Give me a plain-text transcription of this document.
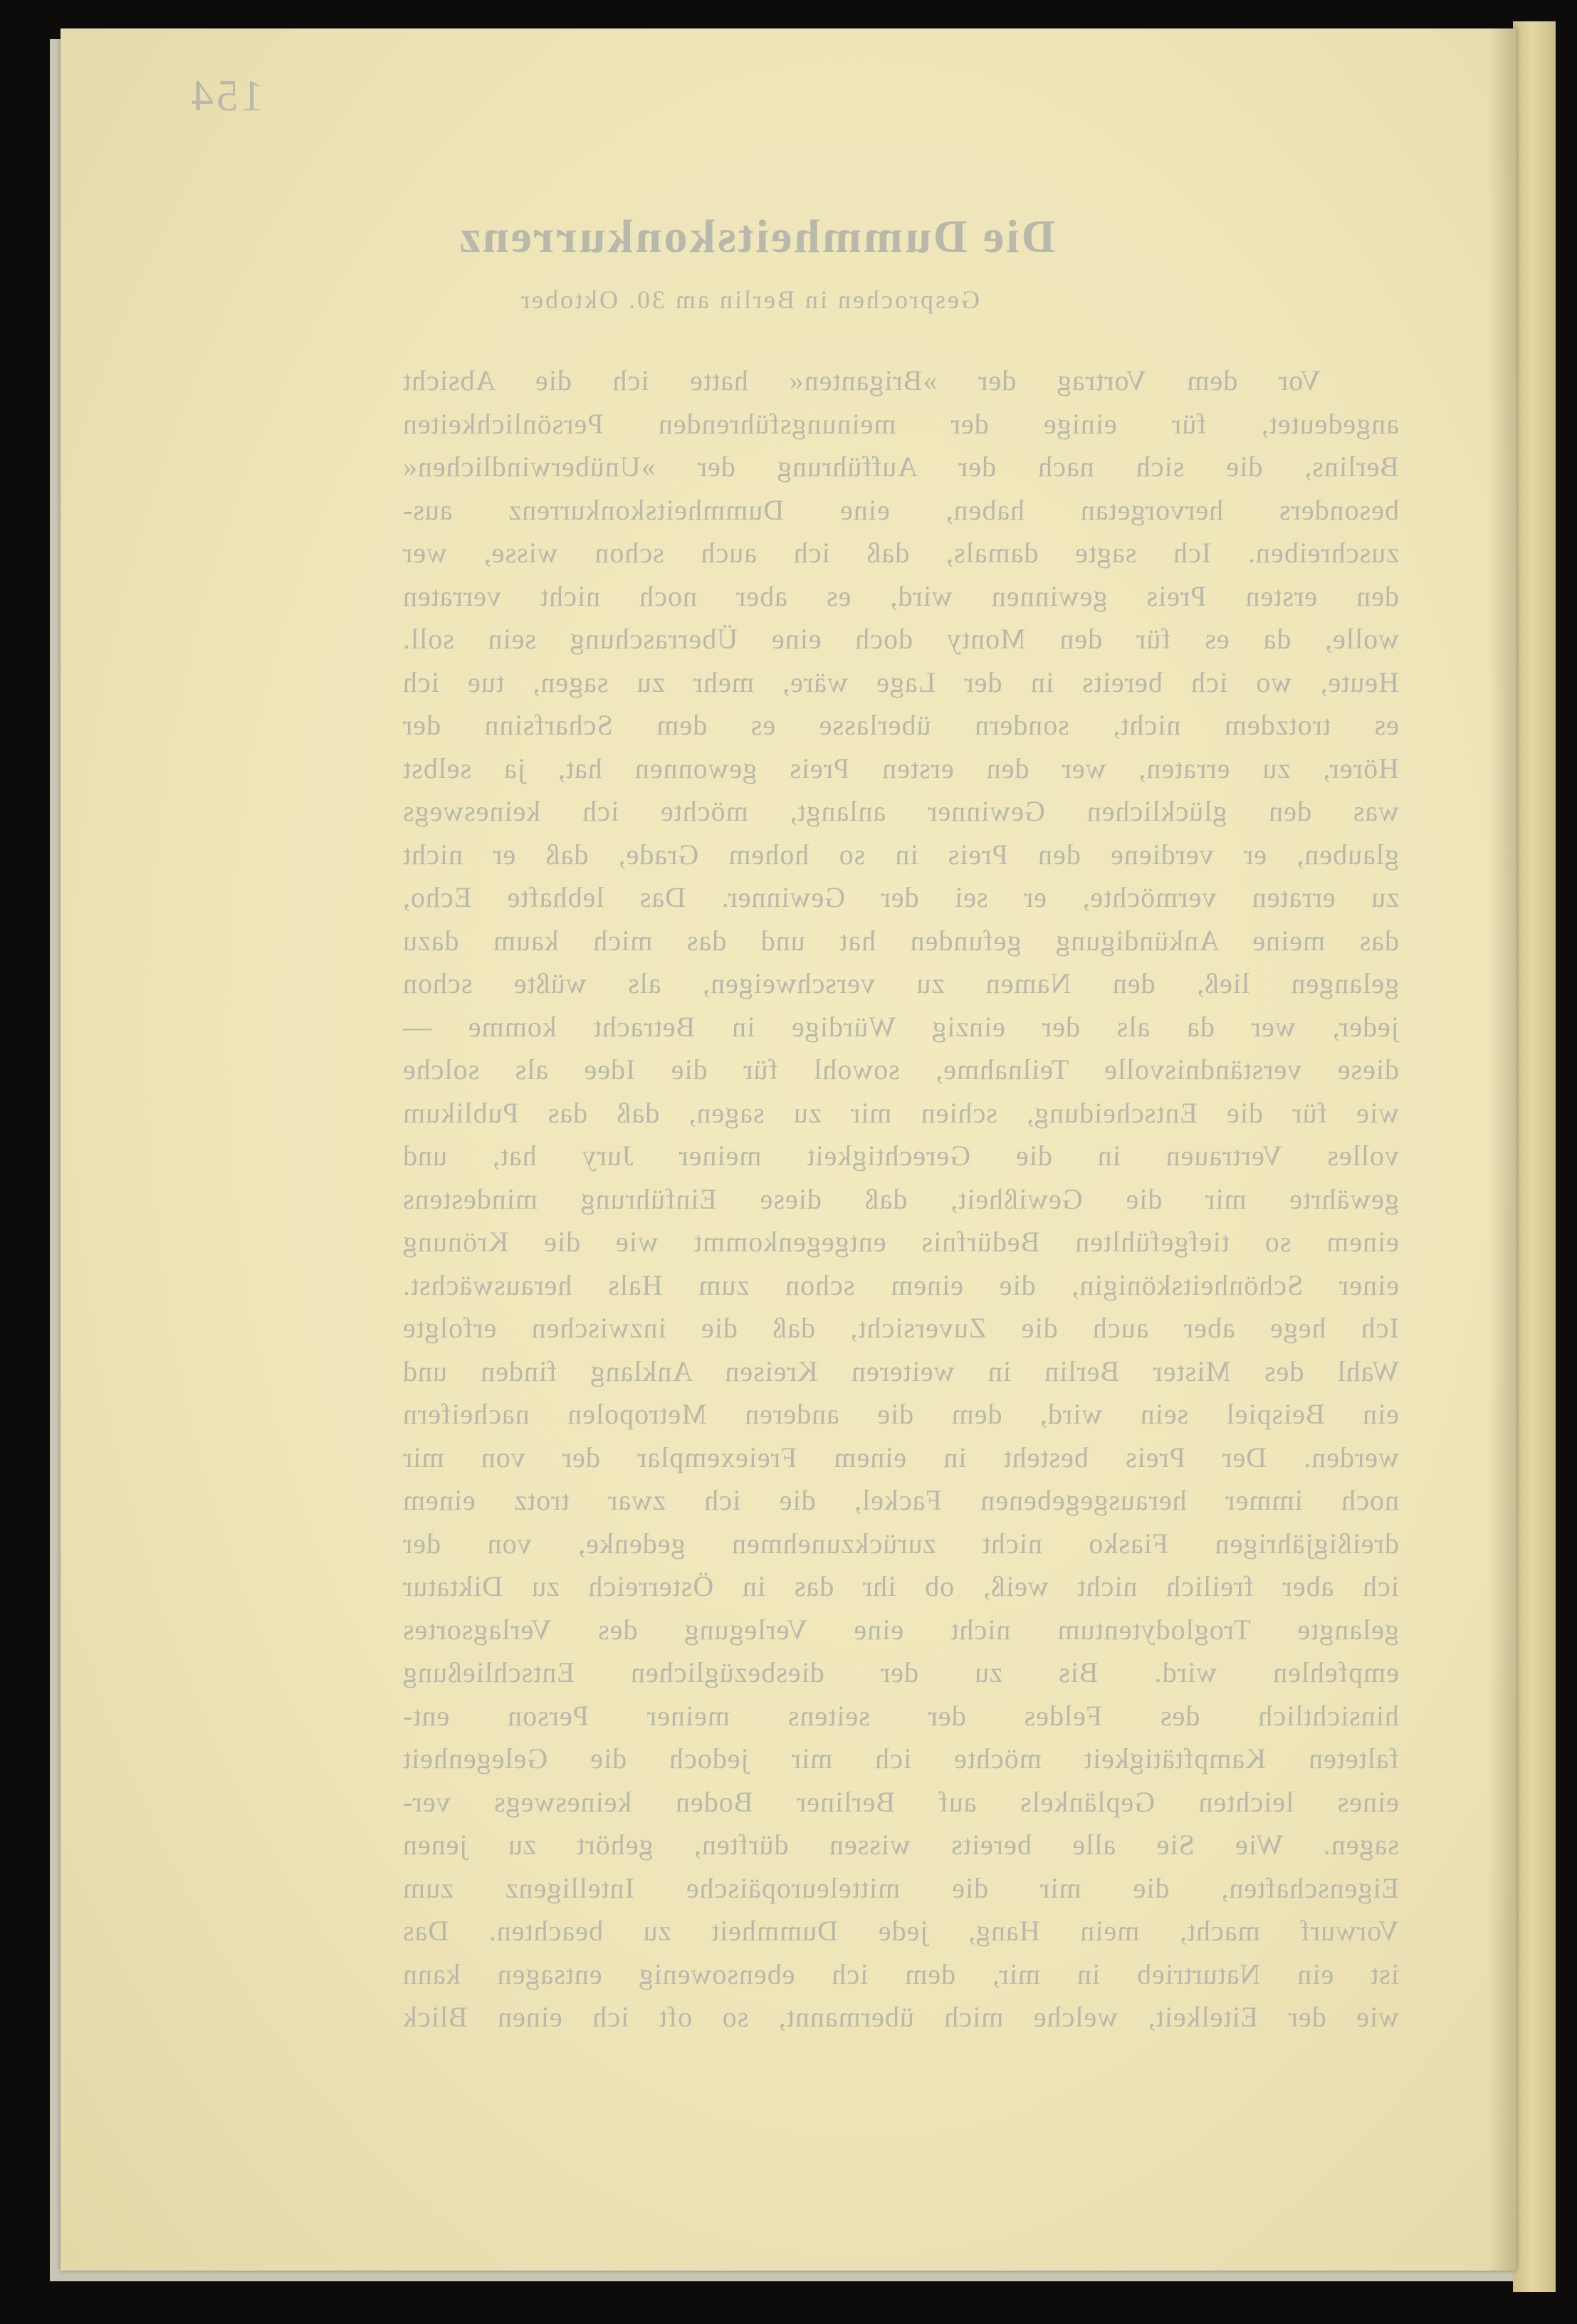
154
Die Dummheitskonkurrenz
Gesprochen in Berlin am 30. Oktober
Vor dem Vortrag der »Briganten« hatte ich die Absicht
angedeutet, für einige der meinungsführenden Persönlichkeiten
Berlins, die sich nach der Aufführung der »Unüberwindlichen«
besonders hervorgetan haben, eine Dummheitskonkurrenz aus-
zuschreiben. Ich sagte damals, daß ich auch schon wisse, wer
den ersten Preis gewinnen wird, es aber noch nicht verraten
wolle, da es für den Monty doch eine Überraschung sein soll.
Heute, wo ich bereits in der Lage wäre, mehr zu sagen, tue ich
es trotzdem nicht, sondern überlasse es dem Scharfsinn der
Hörer, zu erraten, wer den ersten Preis gewonnen hat, ja selbst
was den glücklichen Gewinner anlangt, möchte ich keineswegs
glauben, er verdiene den Preis in so hohem Grade, daß er nicht
zu erraten vermöchte, er sei der Gewinner. Das lebhafte Echo,
das meine Ankündigung gefunden hat und das mich kaum dazu
gelangen ließ, den Namen zu verschweigen, als wüßte schon
jeder, wer da als der einzig Würdige in Betracht komme —
diese verständnisvolle Teilnahme, sowohl für die Idee als solche
wie für die Entscheidung, schien mir zu sagen, daß das Publikum
volles Vertrauen in die Gerechtigkeit meiner Jury hat, und
gewährte mir die Gewißheit, daß diese Einführung mindestens
einem so tiefgefühlten Bedürfnis entgegenkommt wie die Krönung
einer Schönheitskönigin, die einem schon zum Hals herauswächst.
Ich hege aber auch die Zuversicht, daß die inzwischen erfolgte
Wahl des Mister Berlin in weiteren Kreisen Anklang finden und
ein Beispiel sein wird, dem die anderen Metropolen nacheifern
werden. Der Preis besteht in einem Freiexemplar der von mir
noch immer herausgegebenen Fackel, die ich zwar trotz einem
dreißigjährigen Fiasko nicht zurückzunehmen gedenke, von der
ich aber freilich nicht weiß, ob ihr das in Österreich zu Diktatur
gelangte Troglodytentum nicht eine Verlegung des Verlagsortes
empfehlen wird. Bis zu der diesbezüglichen Entschließung
hinsichtlich des Feldes der seitens meiner Person ent-
falteten Kampftätigkeit möchte ich mir jedoch die Gelegenheit
eines leichten Geplänkels auf Berliner Boden keineswegs ver-
sagen. Wie Sie alle bereits wissen dürften, gehört zu jenen
Eigenschaften, die mir die mitteleuropäische Intelligenz zum
Vorwurf macht, mein Hang, jede Dummheit zu beachten. Das
ist ein Naturtrieb in mir, dem ich ebensowenig entsagen kann
wie der Eitelkeit, welche mich übermannt, so oft ich einen Blick
